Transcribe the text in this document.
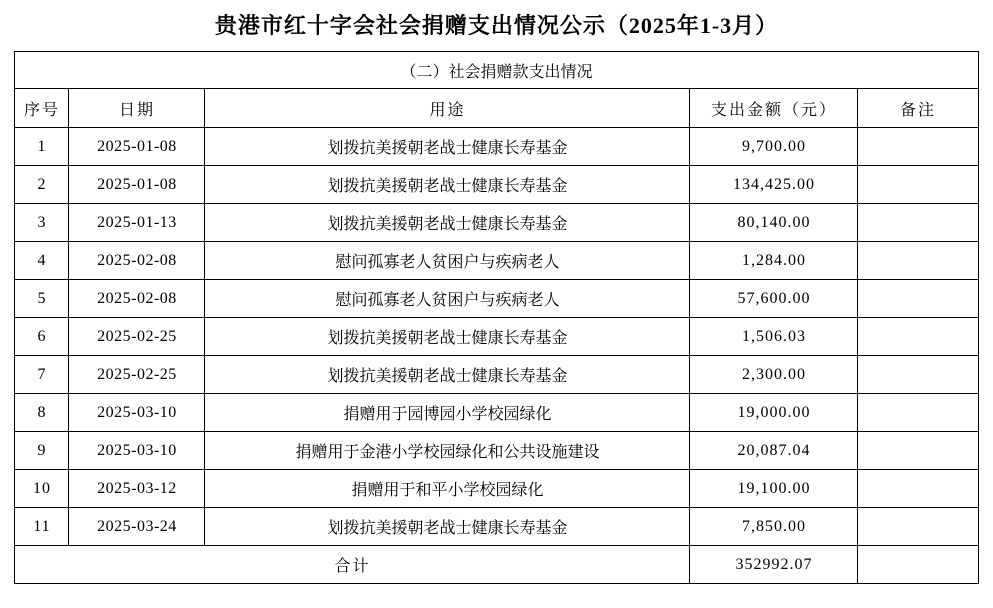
贵港市红十字会社会捐赠支出情况公示（2025年1-3月）
（二）社会捐赠款支出情况				
序号	日期	用途	支出金额（元）	备注
1	2025-01-08	划拨抗美援朝老战士健康长寿基金	9,700.00	
2	2025-01-08	划拨抗美援朝老战士健康长寿基金	134,425.00	
3	2025-01-13	划拨抗美援朝老战士健康长寿基金	80,140.00	
4	2025-02-08	慰问孤寡老人贫困户与疾病老人	1,284.00	
5	2025-02-08	慰问孤寡老人贫困户与疾病老人	57,600.00	
6	2025-02-25	划拨抗美援朝老战士健康长寿基金	1,506.03	
7	2025-02-25	划拨抗美援朝老战士健康长寿基金	2,300.00	
8	2025-03-10	捐赠用于园博园小学校园绿化	19,000.00	
9	2025-03-10	捐赠用于金港小学校园绿化和公共设施建设	20,087.04	
10	2025-03-12	捐赠用于和平小学校园绿化	19,100.00	
11	2025-03-24	划拨抗美援朝老战士健康长寿基金	7,850.00	
合计			352992.07	
